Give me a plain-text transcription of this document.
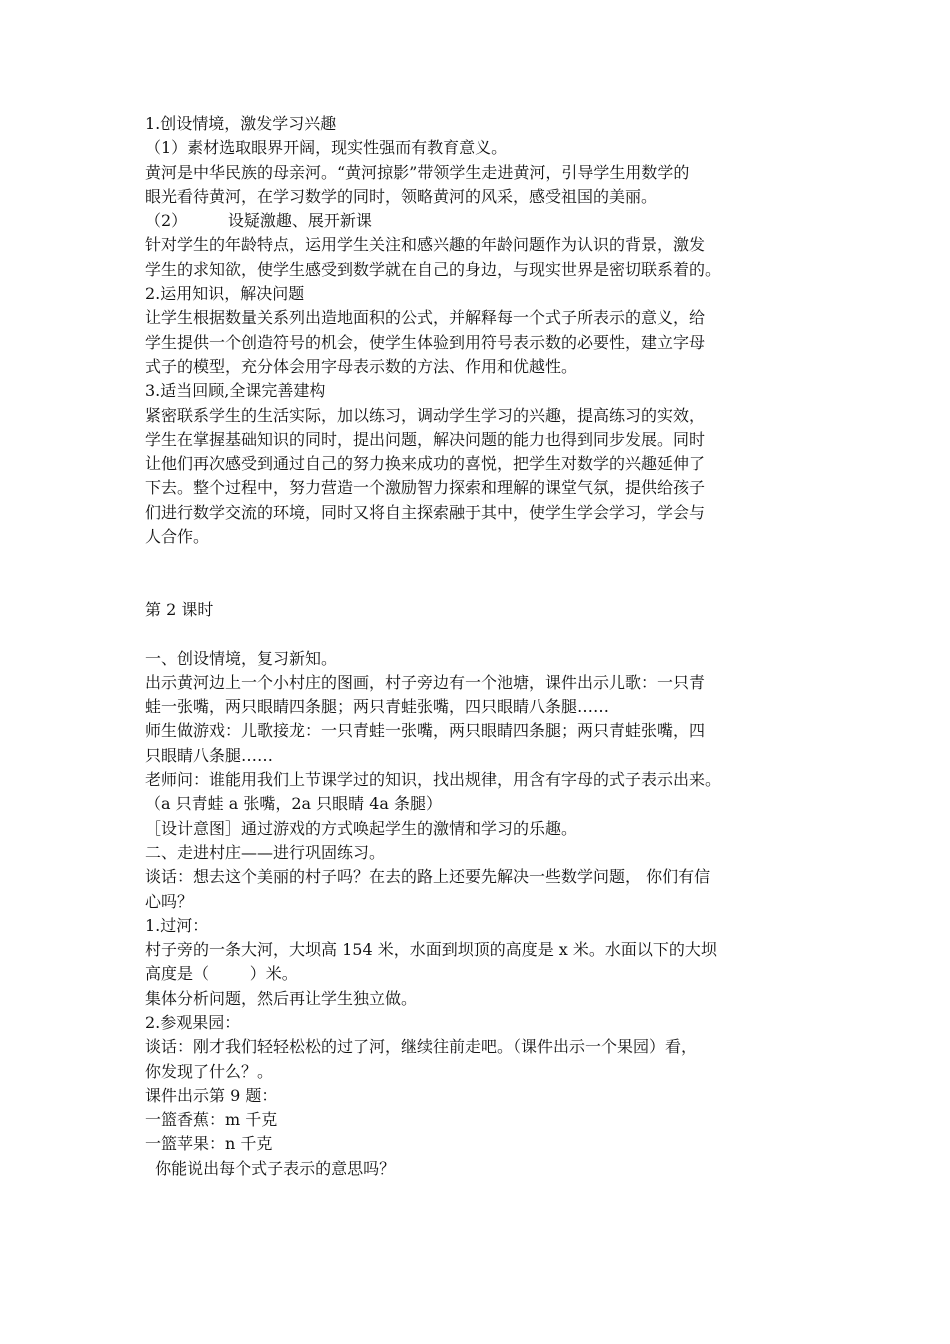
1.创设情境，激发学习兴趣
（1）素材选取眼界开阔，现实性强而有教育意义。
黄河是中华民族的母亲河。“黄河掠影”带领学生走进黄河，引导学生用数学的
眼光看待黄河，在学习数学的同时，领略黄河的风采，感受祖国的美丽。
（2）        设疑激趣、展开新课
针对学生的年龄特点，运用学生关注和感兴趣的年龄问题作为认识的背景，激发
学生的求知欲，使学生感受到数学就在自己的身边，与现实世界是密切联系着的。
2.运用知识，解决问题
让学生根据数量关系列出造地面积的公式，并解释每一个式子所表示的意义，给
学生提供一个创造符号的机会，使学生体验到用符号表示数的必要性，建立字母
式子的模型，充分体会用字母表示数的方法、作用和优越性。
3.适当回顾,全课完善建构
紧密联系学生的生活实际，加以练习，调动学生学习的兴趣，提高练习的实效，
学生在掌握基础知识的同时，提出问题，解决问题的能力也得到同步发展。同时
让他们再次感受到通过自己的努力换来成功的喜悦，把学生对数学的兴趣延伸了
下去。整个过程中，努力营造一个激励智力探索和理解的课堂气氛，提供给孩子
们进行数学交流的环境，同时又将自主探索融于其中，使学生学会学习，学会与
人合作。
第 2 课时
一、创设情境，复习新知。
出示黄河边上一个小村庄的图画，村子旁边有一个池塘，课件出示儿歌：一只青
蛙一张嘴，两只眼睛四条腿；两只青蛙张嘴，四只眼睛八条腿……
师生做游戏：儿歌接龙：一只青蛙一张嘴，两只眼睛四条腿；两只青蛙张嘴，四
只眼睛八条腿……
老师问：谁能用我们上节课学过的知识，找出规律，用含有字母的式子表示出来。
（a 只青蛙 a 张嘴，2a 只眼睛 4a 条腿）
［设计意图］通过游戏的方式唤起学生的激情和学习的乐趣。
二、走进村庄——进行巩固练习。
谈话：想去这个美丽的村子吗？在去的路上还要先解决一些数学问题， 你们有信
心吗？
1.过河：
村子旁的一条大河，大坝高 154 米，水面到坝顶的高度是 x 米。水面以下的大坝
高度是（        ）米。
集体分析问题，然后再让学生独立做。
2.参观果园：
谈话：刚才我们轻轻松松的过了河，继续往前走吧。（课件出示一个果园）看，
你发现了什么？。
课件出示第 9 题：
一篮香蕉：m 千克
一篮苹果：n 千克
你能说出每个式子表示的意思吗？
